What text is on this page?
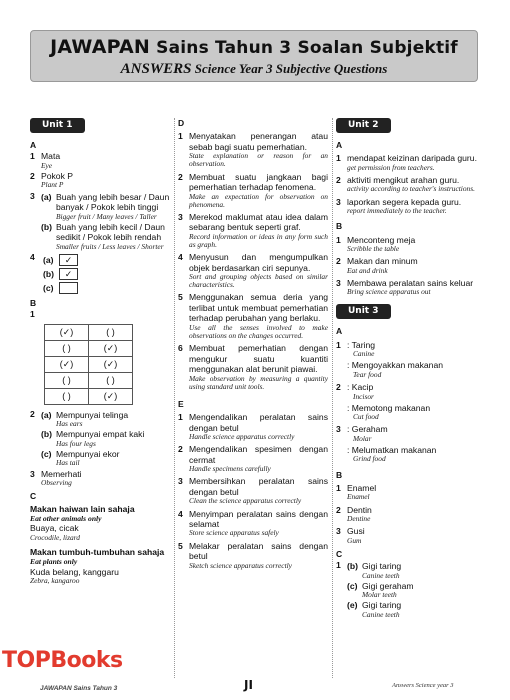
JAWAPAN Sains Tahun 3 Soalan Subjektif
ANSWERS Science Year 3 Subjective Questions
Unit 1
A
1 Mata
Eye
2 Pokok P
Plant P
3 (a) Buah yang lebih besar / Daun banyak / Pokok lebih tinggi
Bigger fruit / Many leaves / Taller
(b) Buah yang lebih kecil / Daun sedikit / Pokok lebih rendah
Smaller fruits / Less leaves / Shorter
4 (a)	✓
(b)	✓
(c)
B
1
(✓)	( )
( )	(✓)
(✓)	(✓)
( )	( )
( )	(✓)
2 (a) Mempunyai telinga
Has ears
(b) Mempunyai empat kaki
Has four legs
(c) Mempunyai ekor
Has tail
3 Memerhati
Observing
C
Makan haiwan lain sahaja
Eat other animals only
Buaya, cicak
Crocodile, lizard
Makan tumbuh-tumbuhan sahaja
Eat plants only
Kuda belang, kanggaru
Zebra, kangaroo
D
1 Menyatakan penerangan atau sebab bagi suatu pemerhatian.
State explanation or reason for an observation.
2 Membuat suatu jangkaan bagi pemerhatian terhadap fenomena.
Make an expectation for observation on phenomena.
3 Merekod maklumat atau idea dalam sebarang bentuk seperti graf.
Record information or ideas in any form such as graph.
4 Menyusun dan mengumpulkan objek berdasarkan ciri sepunya.
Sort and grouping objects based on similar characteristics.
5 Menggunakan semua deria yang terlibat untuk membuat pemerhatian terhadap perubahan yang berlaku.
Use all the senses involved to make observations on the changes occurred.
6 Membuat pemerhatian dengan mengukur suatu kuantiti menggunakan alat berunit piawai.
Make observation by measuring a quantity using standard unit tools.
E
1 Mengendalikan peralatan sains dengan betul
Handle science apparatus correctly
2 Mengendalikan spesimen dengan cermat
Handle specimens carefully
3 Membersihkan peralatan sains dengan betul
Clean the science apparatus correctly
4 Menyimpan peralatan sains dengan selamat
Store science apparatus safely
5 Melakar peralatan sains dengan betul
Sketch science apparatus correctly
Unit 2
A
1 mendapat keizinan daripada guru.
get permission from teachers.
2 aktiviti mengikut arahan guru.
activity according to teacher's instructions.
3 laporkan segera kepada guru.
report immediately to the teacher.
B
1 Menconteng meja
Scribble the table
2 Makan dan minum
Eat and drink
3 Membawa peralatan sains keluar
Bring science apparatus out
Unit 3
A
1 : Taring
Canine
: Mengoyakkan makanan
Tear food
2 : Kacip
Incisor
: Memotong makanan
Cut food
3 : Geraham
Molar
: Melumatkan makanan
Grind food
B
1 Enamel
Enamel
2 Dentin
Dentine
3 Gusi
Gum
C
1 (b) Gigi taring
Canine teeth
(c) Gigi geraham
Molar teeth
(e) Gigi taring
Canine teeth
TOPBooks
JAWAPAN Sains Tahun 3	JI	Answers Science year 3
